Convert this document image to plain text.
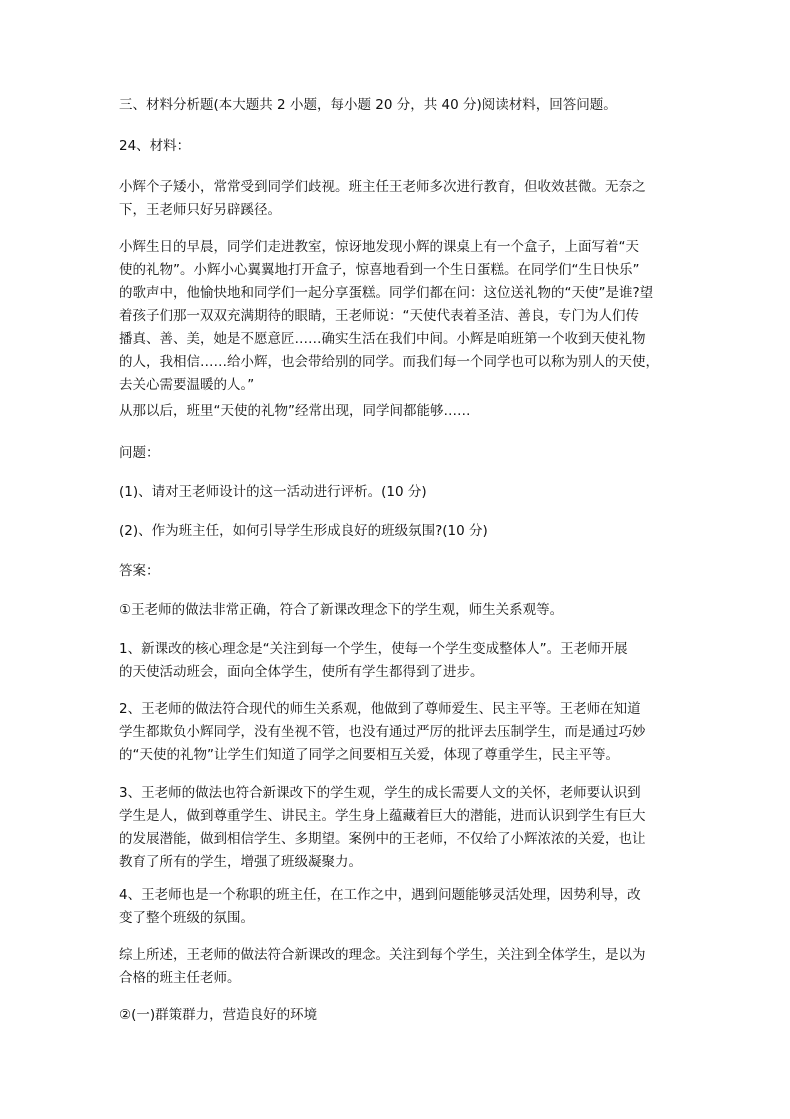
三、材料分析题(本大题共 2 小题，每小题 20 分，共 40 分)阅读材料，回答问题。

24、材料：

小辉个子矮小，常常受到同学们歧视。班主任王老师多次进行教育，但收效甚微。无奈之
下，王老师只好另辟蹊径。

小辉生日的早晨，同学们走进教室，惊讶地发现小辉的课桌上有一个盒子，上面写着“天
使的礼物”。小辉小心翼翼地打开盒子，惊喜地看到一个生日蛋糕。在同学们“生日快乐”
的歌声中，他愉快地和同学们一起分享蛋糕。同学们都在问：这位送礼物的“天使”是谁?望
着孩子们那一双双充满期待的眼睛，王老师说：“天使代表着圣洁、善良，专门为人们传
播真、善、美，她是不愿意匠……确实生活在我们中间。小辉是咱班第一个收到天使礼物
的人，我相信……给小辉，也会带给别的同学。而我们每一个同学也可以称为别人的天使，
去关心需要温暖的人。”

从那以后，班里“天使的礼物”经常出现，同学间都能够……

问题：

(1)、请对王老师设计的这一活动进行评析。(10 分)

(2)、作为班主任，如何引导学生形成良好的班级氛围?(10 分)

答案：

①王老师的做法非常正确，符合了新课改理念下的学生观，师生关系观等。

1、新课改的核心理念是“关注到每一个学生，使每一个学生变成整体人”。王老师开展
的天使活动班会，面向全体学生，使所有学生都得到了进步。

2、王老师的做法符合现代的师生关系观，他做到了尊师爱生、民主平等。王老师在知道
学生都欺负小辉同学，没有坐视不管，也没有通过严厉的批评去压制学生，而是通过巧妙
的“天使的礼物”让学生们知道了同学之间要相互关爱，体现了尊重学生，民主平等。

3、王老师的做法也符合新课改下的学生观，学生的成长需要人文的关怀，老师要认识到
学生是人，做到尊重学生、讲民主。学生身上蕴藏着巨大的潜能，进而认识到学生有巨大
的发展潜能，做到相信学生、多期望。案例中的王老师，不仅给了小辉浓浓的关爱，也让
教育了所有的学生，增强了班级凝聚力。

4、王老师也是一个称职的班主任，在工作之中，遇到问题能够灵活处理，因势利导，改
变了整个班级的氛围。

综上所述，王老师的做法符合新课改的理念。关注到每个学生，关注到全体学生，是以为
合格的班主任老师。

②(一)群策群力，营造良好的环境
